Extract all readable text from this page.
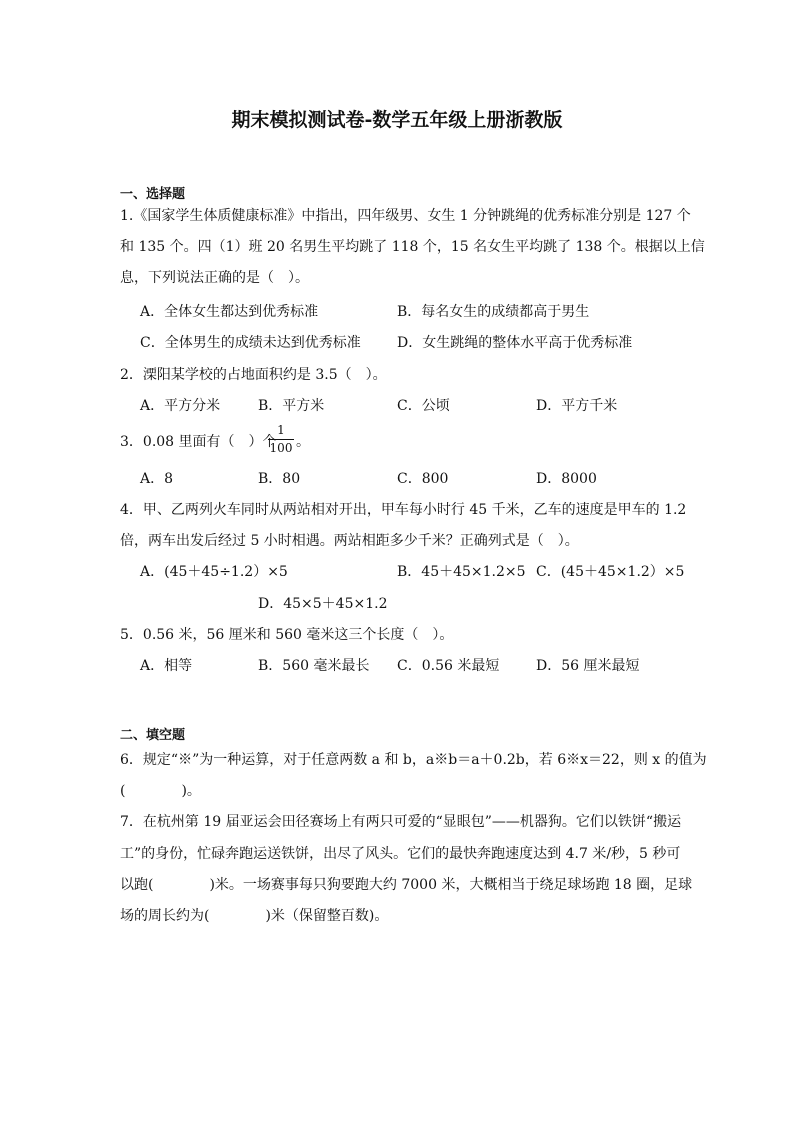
期末模拟测试卷-数学五年级上册浙教版
一、选择题
1.《国家学生体质健康标准》中指出，四年级男、女生 1 分钟跳绳的优秀标准分别是 127 个
和 135 个。四（1）班 20 名男生平均跳了 118 个，15 名女生平均跳了 138 个。根据以上信
息，下列说法正确的是（　）。
A．全体女生都达到优秀标准	B．每名女生的成绩都高于男生
C．全体男生的成绩未达到优秀标准	D．女生跳绳的整体水平高于优秀标准
2．溧阳某学校的占地面积约是 3.5（　）。
A．平方分米	B．平方米	C．公顷	D．平方千米
3．0.08 里面有（　）个
1
100 。
A．8	B．80	C．800	D．8000
4．甲、乙两列火车同时从两站相对开出，甲车每小时行 45 千米，乙车的速度是甲车的 1.2
倍，两车出发后经过 5 小时相遇。两站相距多少千米？正确列式是（　）。
A．(45＋45÷1.2）×5	B．45＋45×1.2×5 C．(45＋45×1.2）×5
D．45×5＋45×1.2
5．0.56 米，56 厘米和 560 毫米这三个长度（　）。
A．相等	B．560 毫米最长 C．0.56 米最短	D．56 厘米最短
二、填空题
6．规定“※”为一种运算，对于任意两数 a 和 b，a※b＝a＋0.2b，若 6※x＝22，则 x 的值为
(　　　　)。
7．在杭州第 19 届亚运会田径赛场上有两只可爱的“显眼包”——机器狗。它们以铁饼“搬运
工”的身份，忙碌奔跑运送铁饼，出尽了风头。它们的最快奔跑速度达到 4.7 米/秒，5 秒可
以跑(　　　　)米。一场赛事每只狗要跑大约 7000 米，大概相当于绕足球场跑 18 圈，足球
场的周长约为(　　　　)米（保留整百数)。
